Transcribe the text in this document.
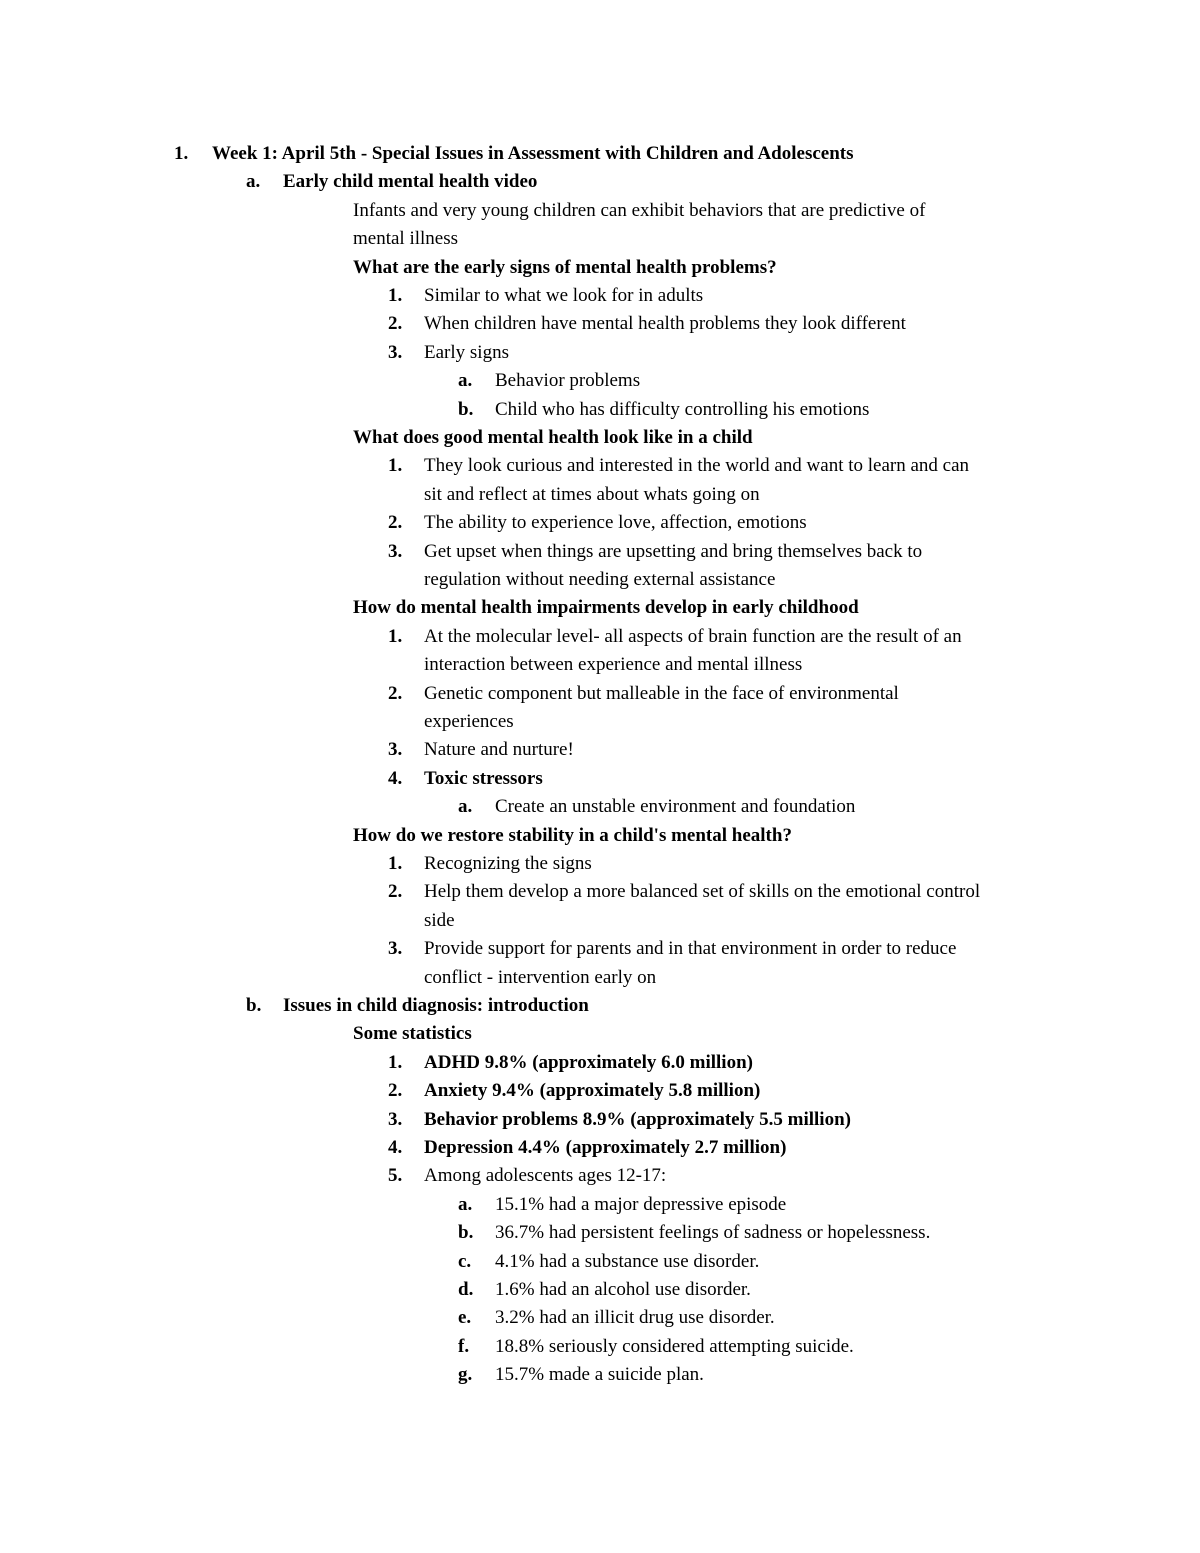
1. Week 1: April 5th - Special Issues in Assessment with Children and Adolescents
a. Early child mental health video
Infants and very young children can exhibit behaviors that are predictive of
mental illness
What are the early signs of mental health problems?
1. Similar to what we look for in adults
2. When children have mental health problems they look different
3. Early signs
a. Behavior problems
b. Child who has difficulty controlling his emotions
What does good mental health look like in a child
1. They look curious and interested in the world and want to learn and can
sit and reflect at times about whats going on
2. The ability to experience love, affection, emotions
3. Get upset when things are upsetting and bring themselves back to
regulation without needing external assistance
How do mental health impairments develop in early childhood
1. At the molecular level- all aspects of brain function are the result of an
interaction between experience and mental illness
2. Genetic component but malleable in the face of environmental
experiences
3. Nature and nurture!
4. Toxic stressors
a. Create an unstable environment and foundation
How do we restore stability in a child's mental health?
1. Recognizing the signs
2. Help them develop a more balanced set of skills on the emotional control
side
3. Provide support for parents and in that environment in order to reduce
conflict - intervention early on
b. Issues in child diagnosis: introduction
Some statistics
1. ADHD 9.8% (approximately 6.0 million)
2. Anxiety 9.4% (approximately 5.8 million)
3. Behavior problems 8.9% (approximately 5.5 million)
4. Depression 4.4% (approximately 2.7 million)
5. Among adolescents ages 12-17:
a. 15.1% had a major depressive episode
b. 36.7% had persistent feelings of sadness or hopelessness.
c. 4.1% had a substance use disorder.
d. 1.6% had an alcohol use disorder.
e. 3.2% had an illicit drug use disorder.
f. 18.8% seriously considered attempting suicide.
g. 15.7% made a suicide plan.
